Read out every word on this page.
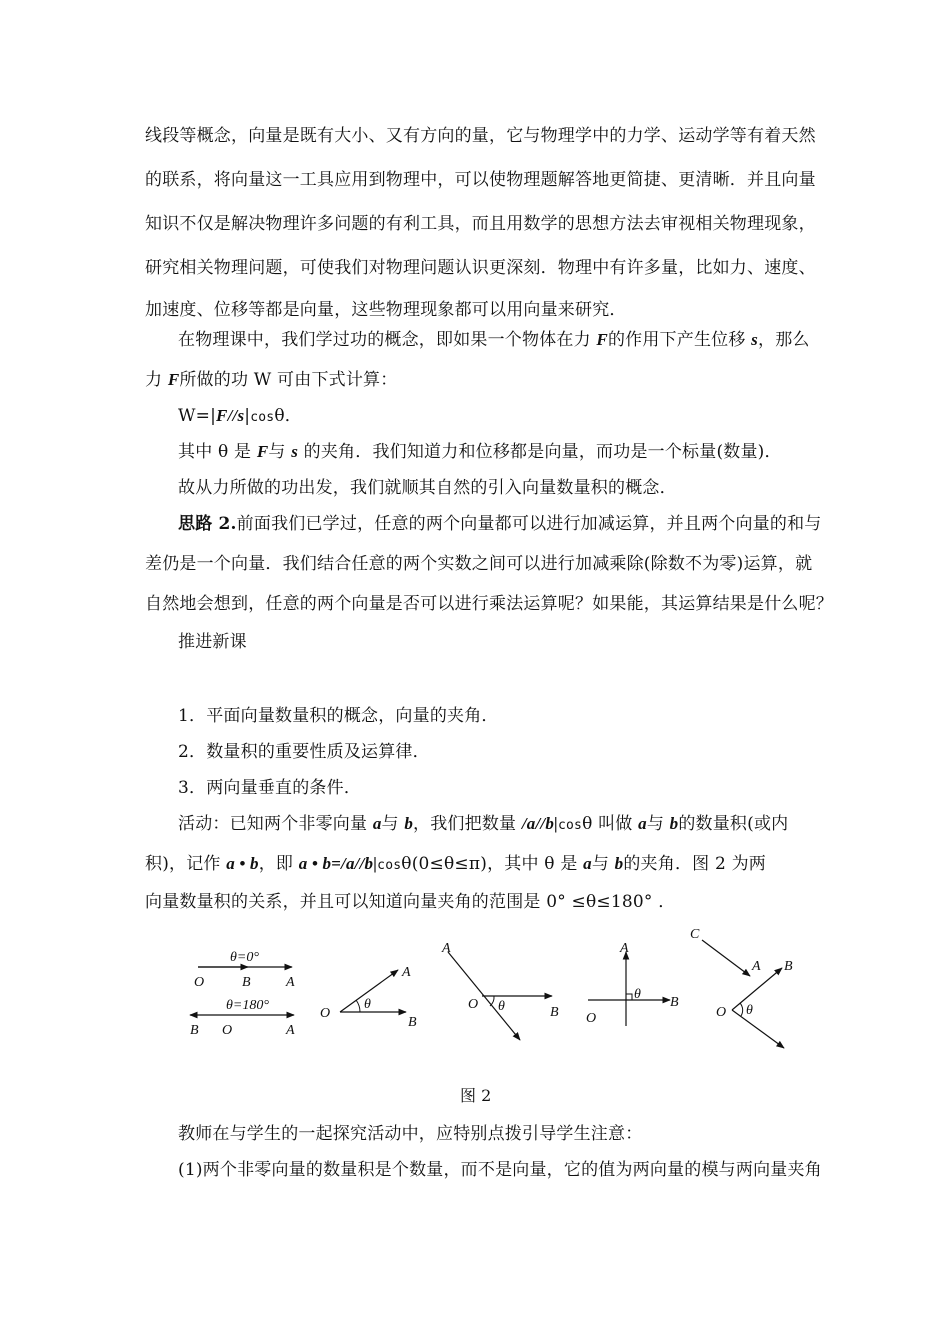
线段等概念，向量是既有大小、又有方向的量，它与物理学中的力学、运动学等有着天然
的联系，将向量这一工具应用到物理中，可以使物理题解答地更简捷、更清晰．并且向量
知识不仅是解决物理许多问题的有利工具，而且用数学的思想方法去审视相关物理现象，
研究相关物理问题，可使我们对物理问题认识更深刻．物理中有许多量，比如力、速度、
加速度、位移等都是向量，这些物理现象都可以用向量来研究．
在物理课中，我们学过功的概念，即如果一个物体在力 F的作用下产生位移 s，那么
力 F所做的功 W 可由下式计算：
W=|F//s|cosθ．
其中 θ 是 F与 s 的夹角．我们知道力和位移都是向量，而功是一个标量(数量)．
故从力所做的功出发，我们就顺其自然的引入向量数量积的概念．
思路 2.前面我们已学过，任意的两个向量都可以进行加减运算，并且两个向量的和与
差仍是一个向量．我们结合任意的两个实数之间可以进行加减乘除(除数不为零)运算，就
自然地会想到，任意的两个向量是否可以进行乘法运算呢？如果能，其运算结果是什么呢？
推进新课
1．平面向量数量积的概念，向量的夹角．
2．数量积的重要性质及运算律．
3．两向量垂直的条件．
活动：已知两个非零向量 a与 b，我们把数量 /a//b|cosθ 叫做 a与 b的数量积(或内
积)，记作 a • b，即 a • b=/a//b|cosθ(0≤θ≤π)，其中 θ 是 a与 b的夹角．图 2 为两
向量数量积的关系，并且可以知道向量夹角的范围是 0° ≤θ≤180° ．
θ=0°
O	B	A
θ=180°
B O	A
O
A
B
θ
A
O
B
θ
A
O
B
θ
C
A B
O θ
图 2
教师在与学生的一起探究活动中，应特别点拨引导学生注意：
(1)两个非零向量的数量积是个数量，而不是向量，它的值为两向量的模与两向量夹角
